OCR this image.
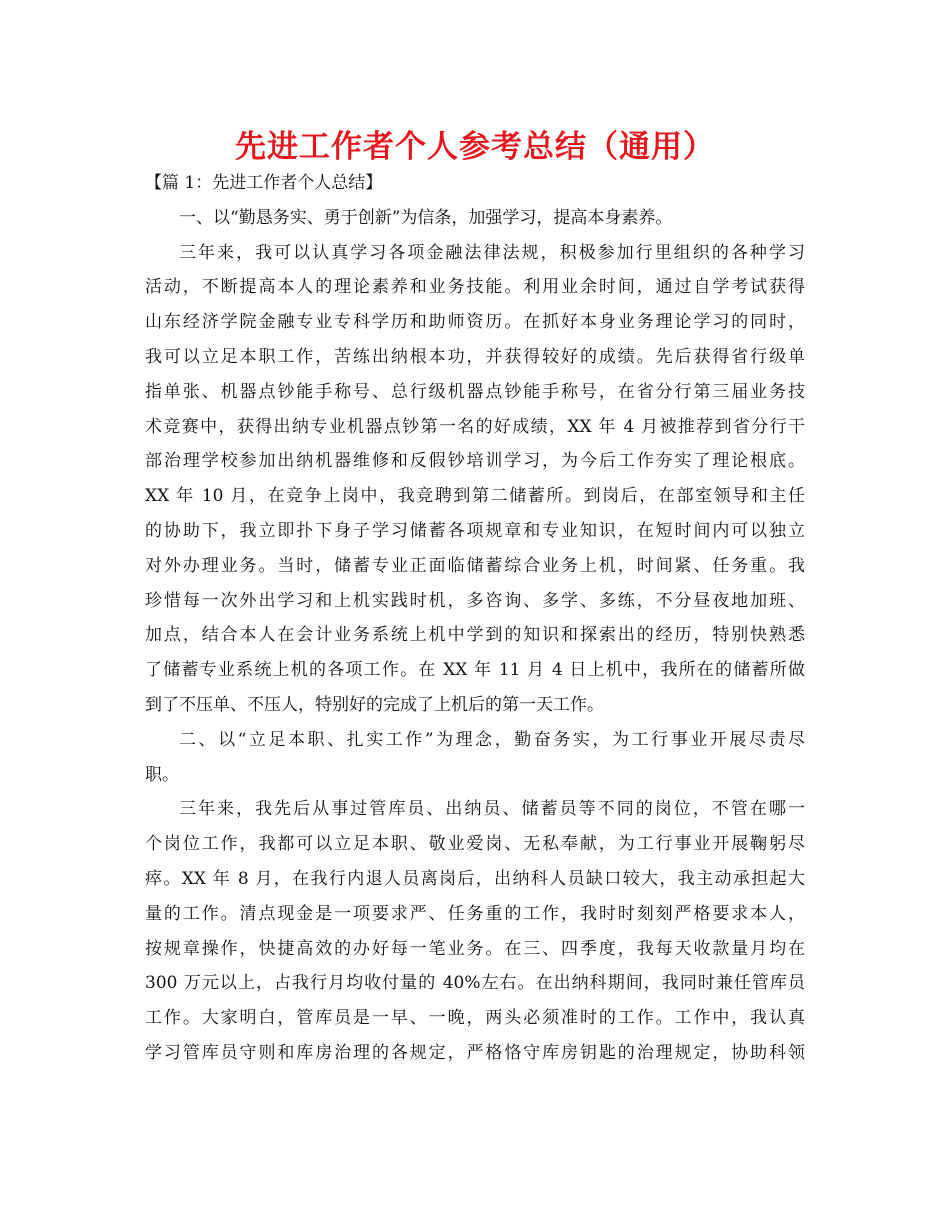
先进工作者个人参考总结（通用）
【篇 1：先进工作者个人总结】
一、以“勤恳务实、勇于创新”为信条，加强学习，提高本身素养。
三年来，我可以认真学习各项金融法律法规，积极参加行里组织的各种学习
活动，不断提高本人的理论素养和业务技能。利用业余时间，通过自学考试获得
山东经济学院金融专业专科学历和助师资历。在抓好本身业务理论学习的同时，
我可以立足本职工作，苦练出纳根本功，并获得较好的成绩。先后获得省行级单
指单张、机器点钞能手称号、总行级机器点钞能手称号，在省分行第三届业务技
术竞赛中，获得出纳专业机器点钞第一名的好成绩，XX 年 4 月被推荐到省分行干
部治理学校参加出纳机器维修和反假钞培训学习，为今后工作夯实了理论根底。
XX 年 10 月，在竞争上岗中，我竞聘到第二储蓄所。到岗后，在部室领导和主任
的协助下，我立即扑下身子学习储蓄各项规章和专业知识，在短时间内可以独立
对外办理业务。当时，储蓄专业正面临储蓄综合业务上机，时间紧、任务重。我
珍惜每一次外出学习和上机实践时机，多咨询、多学、多练，不分昼夜地加班、
加点，结合本人在会计业务系统上机中学到的知识和探索出的经历，特别快熟悉
了储蓄专业系统上机的各项工作。在 XX 年 11 月 4 日上机中，我所在的储蓄所做
到了不压单、不压人，特别好的完成了上机后的第一天工作。
二、以“立足本职、扎实工作”为理念，勤奋务实，为工行事业开展尽责尽
职。
三年来，我先后从事过管库员、出纳员、储蓄员等不同的岗位，不管在哪一
个岗位工作，我都可以立足本职、敬业爱岗、无私奉献，为工行事业开展鞠躬尽
瘁。XX 年 8 月，在我行内退人员离岗后，出纳科人员缺口较大，我主动承担起大
量的工作。清点现金是一项要求严、任务重的工作，我时时刻刻严格要求本人，
按规章操作，快捷高效的办好每一笔业务。在三、四季度，我每天收款量月均在
300 万元以上，占我行月均收付量的 40%左右。在出纳科期间，我同时兼任管库员
工作。大家明白，管库员是一早、一晚，两头必须准时的工作。工作中，我认真
学习管库员守则和库房治理的各规定，严格恪守库房钥匙的治理规定，协助科领
